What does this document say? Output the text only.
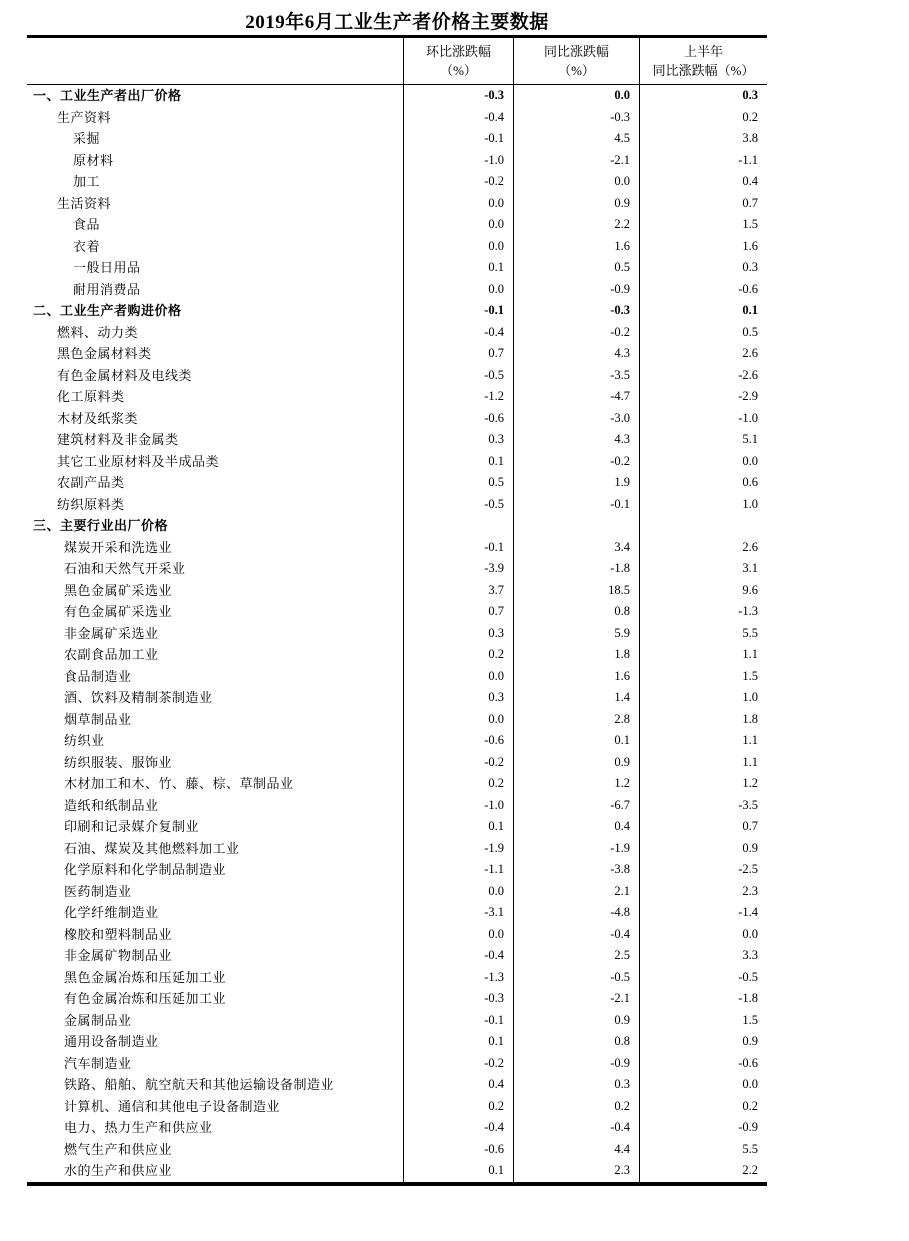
2019年6月工业生产者价格主要数据
环比涨跌幅
（%）
同比涨跌幅
（%）
上半年
同比涨跌幅（%）
一、工业生产者出厂价格	-0.3	0.0	0.3
生产资料	-0.4	-0.3	0.2
采掘	-0.1	4.5	3.8
原材料	-1.0	-2.1	-1.1
加工	-0.2	0.0	0.4
生活资料	0.0	0.9	0.7
食品	0.0	2.2	1.5
衣着	0.0	1.6	1.6
一般日用品	0.1	0.5	0.3
耐用消费品	0.0	-0.9	-0.6
二、工业生产者购进价格	-0.1	-0.3	0.1
燃料、动力类	-0.4	-0.2	0.5
黑色金属材料类	0.7	4.3	2.6
有色金属材料及电线类	-0.5	-3.5	-2.6
化工原料类	-1.2	-4.7	-2.9
木材及纸浆类	-0.6	-3.0	-1.0
建筑材料及非金属类	0.3	4.3	5.1
其它工业原材料及半成品类	0.1	-0.2	0.0
农副产品类	0.5	1.9	0.6
纺织原料类	-0.5	-0.1	1.0
三、主要行业出厂价格
煤炭开采和洗选业	-0.1	3.4	2.6
石油和天然气开采业	-3.9	-1.8	3.1
黑色金属矿采选业	3.7	18.5	9.6
有色金属矿采选业	0.7	0.8	-1.3
非金属矿采选业	0.3	5.9	5.5
农副食品加工业	0.2	1.8	1.1
食品制造业	0.0	1.6	1.5
酒、饮料及精制茶制造业	0.3	1.4	1.0
烟草制品业	0.0	2.8	1.8
纺织业	-0.6	0.1	1.1
纺织服装、服饰业	-0.2	0.9	1.1
木材加工和木、竹、藤、棕、草制品业	0.2	1.2	1.2
造纸和纸制品业	-1.0	-6.7	-3.5
印刷和记录媒介复制业	0.1	0.4	0.7
石油、煤炭及其他燃料加工业	-1.9	-1.9	0.9
化学原料和化学制品制造业	-1.1	-3.8	-2.5
医药制造业	0.0	2.1	2.3
化学纤维制造业	-3.1	-4.8	-1.4
橡胶和塑料制品业	0.0	-0.4	0.0
非金属矿物制品业	-0.4	2.5	3.3
黑色金属冶炼和压延加工业	-1.3	-0.5	-0.5
有色金属冶炼和压延加工业	-0.3	-2.1	-1.8
金属制品业	-0.1	0.9	1.5
通用设备制造业	0.1	0.8	0.9
汽车制造业	-0.2	-0.9	-0.6
铁路、船舶、航空航天和其他运输设备制造业	0.4	0.3	0.0
计算机、通信和其他电子设备制造业	0.2	0.2	0.2
电力、热力生产和供应业	-0.4	-0.4	-0.9
燃气生产和供应业	-0.6	4.4	5.5
水的生产和供应业	0.1	2.3	2.2
